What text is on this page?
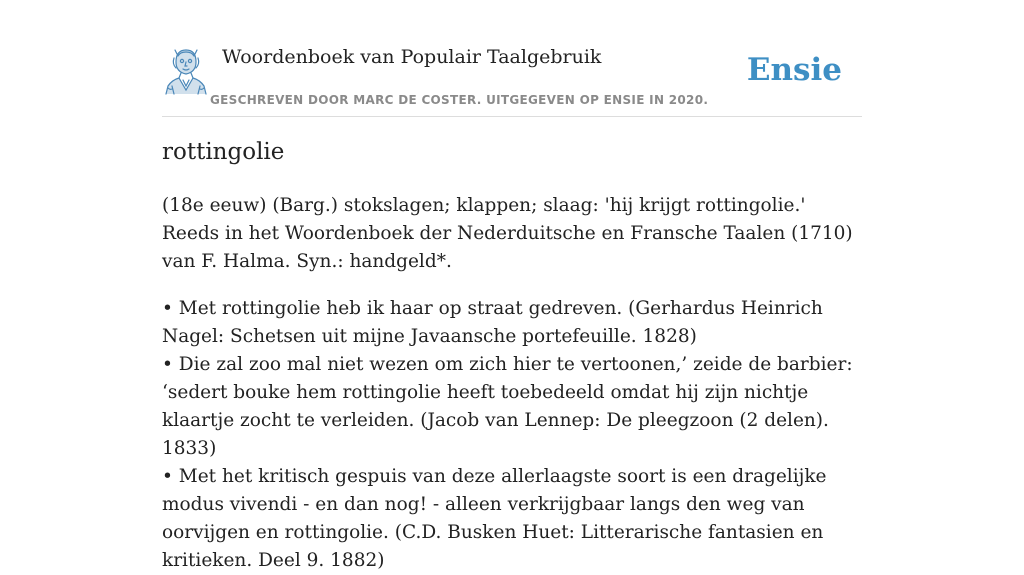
Woordenboek van Populair Taalgebruik
GESCHREVEN DOOR MARC DE COSTER. UITGEGEVEN OP ENSIE IN 2020.
Ensie
rottingolie

(18e eeuw) (Barg.) stokslagen; klappen; slaag: 'hij krijgt rottingolie.' Reeds in het Woordenboek der Nederduitsche en Fransche Taalen (1710) van F. Halma. Syn.: handgeld*.

• Met rottingolie heb ik haar op straat gedreven. (Gerhardus Heinrich Nagel: Schetsen uit mijne Javaansche portefeuille. 1828)
• Die zal zoo mal niet wezen om zich hier te vertoonen,’ zeide de barbier: ‘sedert bouke hem rottingolie heeft toebedeeld omdat hij zijn nichtje klaartje zocht te verleiden. (Jacob van Lennep: De pleegzoon (2 delen). 1833)
• Met het kritisch gespuis van deze allerlaagste soort is een dragelijke modus vivendi - en dan nog! - alleen verkrijgbaar langs den weg van oorvijgen en rottingolie. (C.D. Busken Huet: Litterarische fantasien en kritieken. Deel 9. 1882)
